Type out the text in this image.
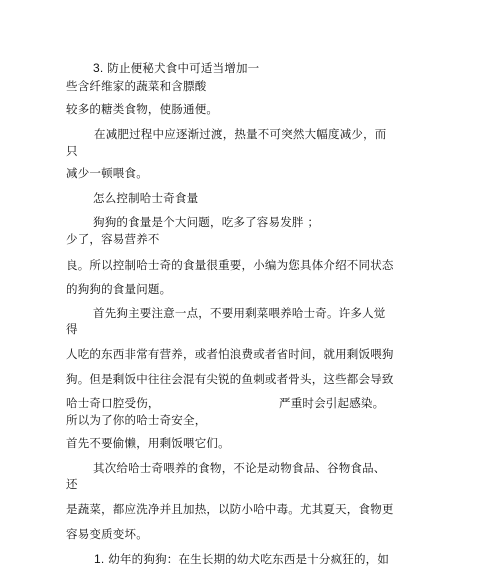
3. 防止便秘犬食中可适当增加一
些含纤维家的蔬菜和含膘酸
较多的糖类食物，使肠通便。
在减肥过程中应逐渐过渡，热量不可突然大幅度减少，而
只
减少一顿喂食。
怎么控制哈士奇食量
狗狗的食量是个大问题，吃多了容易发胖 ；
少了，容易营养不
良。所以控制哈士奇的食量很重要，小编为您具体介绍不同状态
的狗狗的食量问题。
首先狗主要注意一点，不要用剩菜喂养哈士奇。许多人觉
得
人吃的东西非常有营养，或者怕浪费或者省时间，就用剩饭喂狗
狗。但是剩饭中往往会混有尖锐的鱼刺或者骨头，这些都会导致
哈士奇口腔受伤，	严重时会引起感染。
所以为了你的哈士奇安全，
首先不要偷懒，用剩饭喂它们。
其次给哈士奇喂养的食物，不论是动物食品、谷物食品、
还
是蔬菜，都应洗净并且加热，以防小哈中毒。尤其夏天，食物更
容易变质变坏。
1. 幼年的狗狗：在生长期的幼犬吃东西是十分疯狂的，如
